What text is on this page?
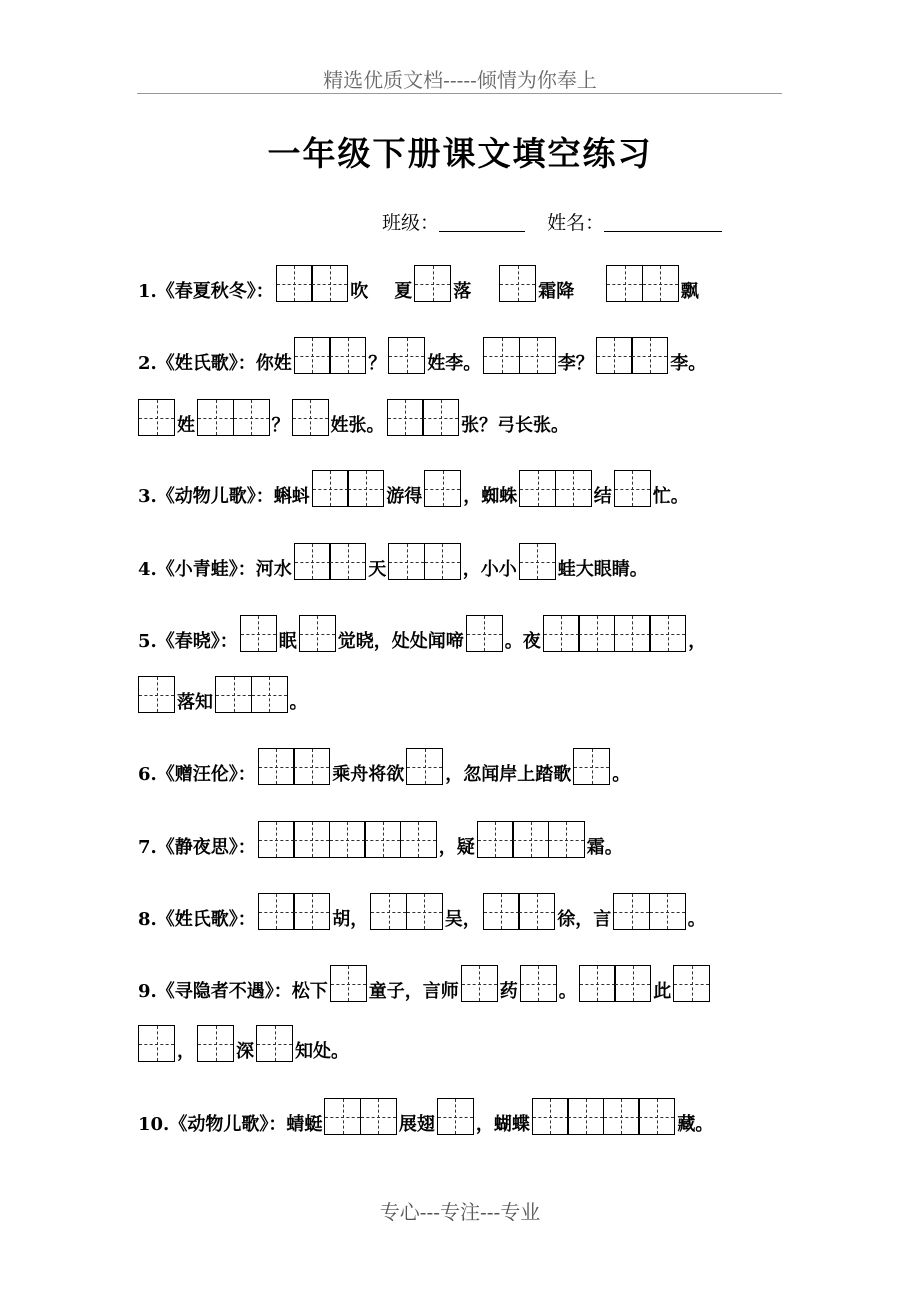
精选优质文档-----倾情为你奉上
一年级下册课文填空练习
班级：	姓名：
1.《春夏秋冬》：	吹 夏 落	霜降	飘
2.《姓氏歌》：你姓	？ 姓李。	李？	李。
姓	？ 姓张。	张？弓长张。
3.《动物儿歌》：蝌蚪	游得 ，蜘蛛	结 忙。
4.《小青蛙》：河水	天	，小小 蛙大眼睛。
5.《春晓》： 眠 觉晓，处处闻啼 。夜	，
落知	。
6.《赠汪伦》：	乘舟将欲 ，忽闻岸上踏歌 。
7.《静夜思》：	，疑	霜。
8.《姓氏歌》：	胡，	吴，	徐，言	。
9.《寻隐者不遇》：松下 童子，言师 药 。	此
， 深 知处。
10.《动物儿歌》：蜻蜓	展翅 ，蝴蝶	藏。
专心---专注---专业
